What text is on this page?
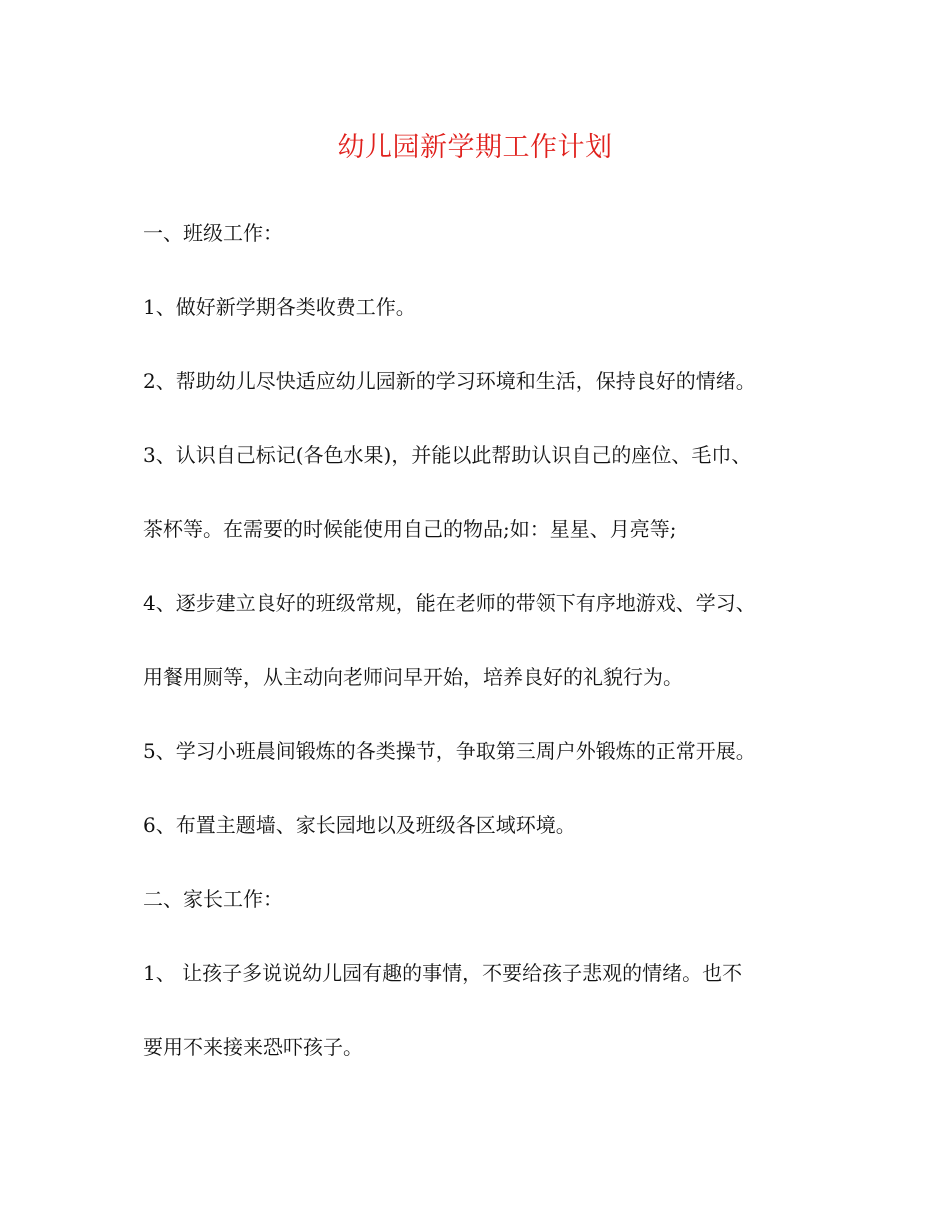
幼儿园新学期工作计划

一、班级工作：

1、做好新学期各类收费工作。

2、帮助幼儿尽快适应幼儿园新的学习环境和生活，保持良好的情绪。

3、认识自己标记(各色水果)，并能以此帮助认识自己的座位、毛巾、

茶杯等。在需要的时候能使用自己的物品;如：星星、月亮等;

4、逐步建立良好的班级常规，能在老师的带领下有序地游戏、学习、

用餐用厕等，从主动向老师问早开始，培养良好的礼貌行为。

5、学习小班晨间锻炼的各类操节，争取第三周户外锻炼的正常开展。

6、布置主题墙、家长园地以及班级各区域环境。

二、家长工作：

1、 让孩子多说说幼儿园有趣的事情，不要给孩子悲观的情绪。也不

要用不来接来恐吓孩子。
